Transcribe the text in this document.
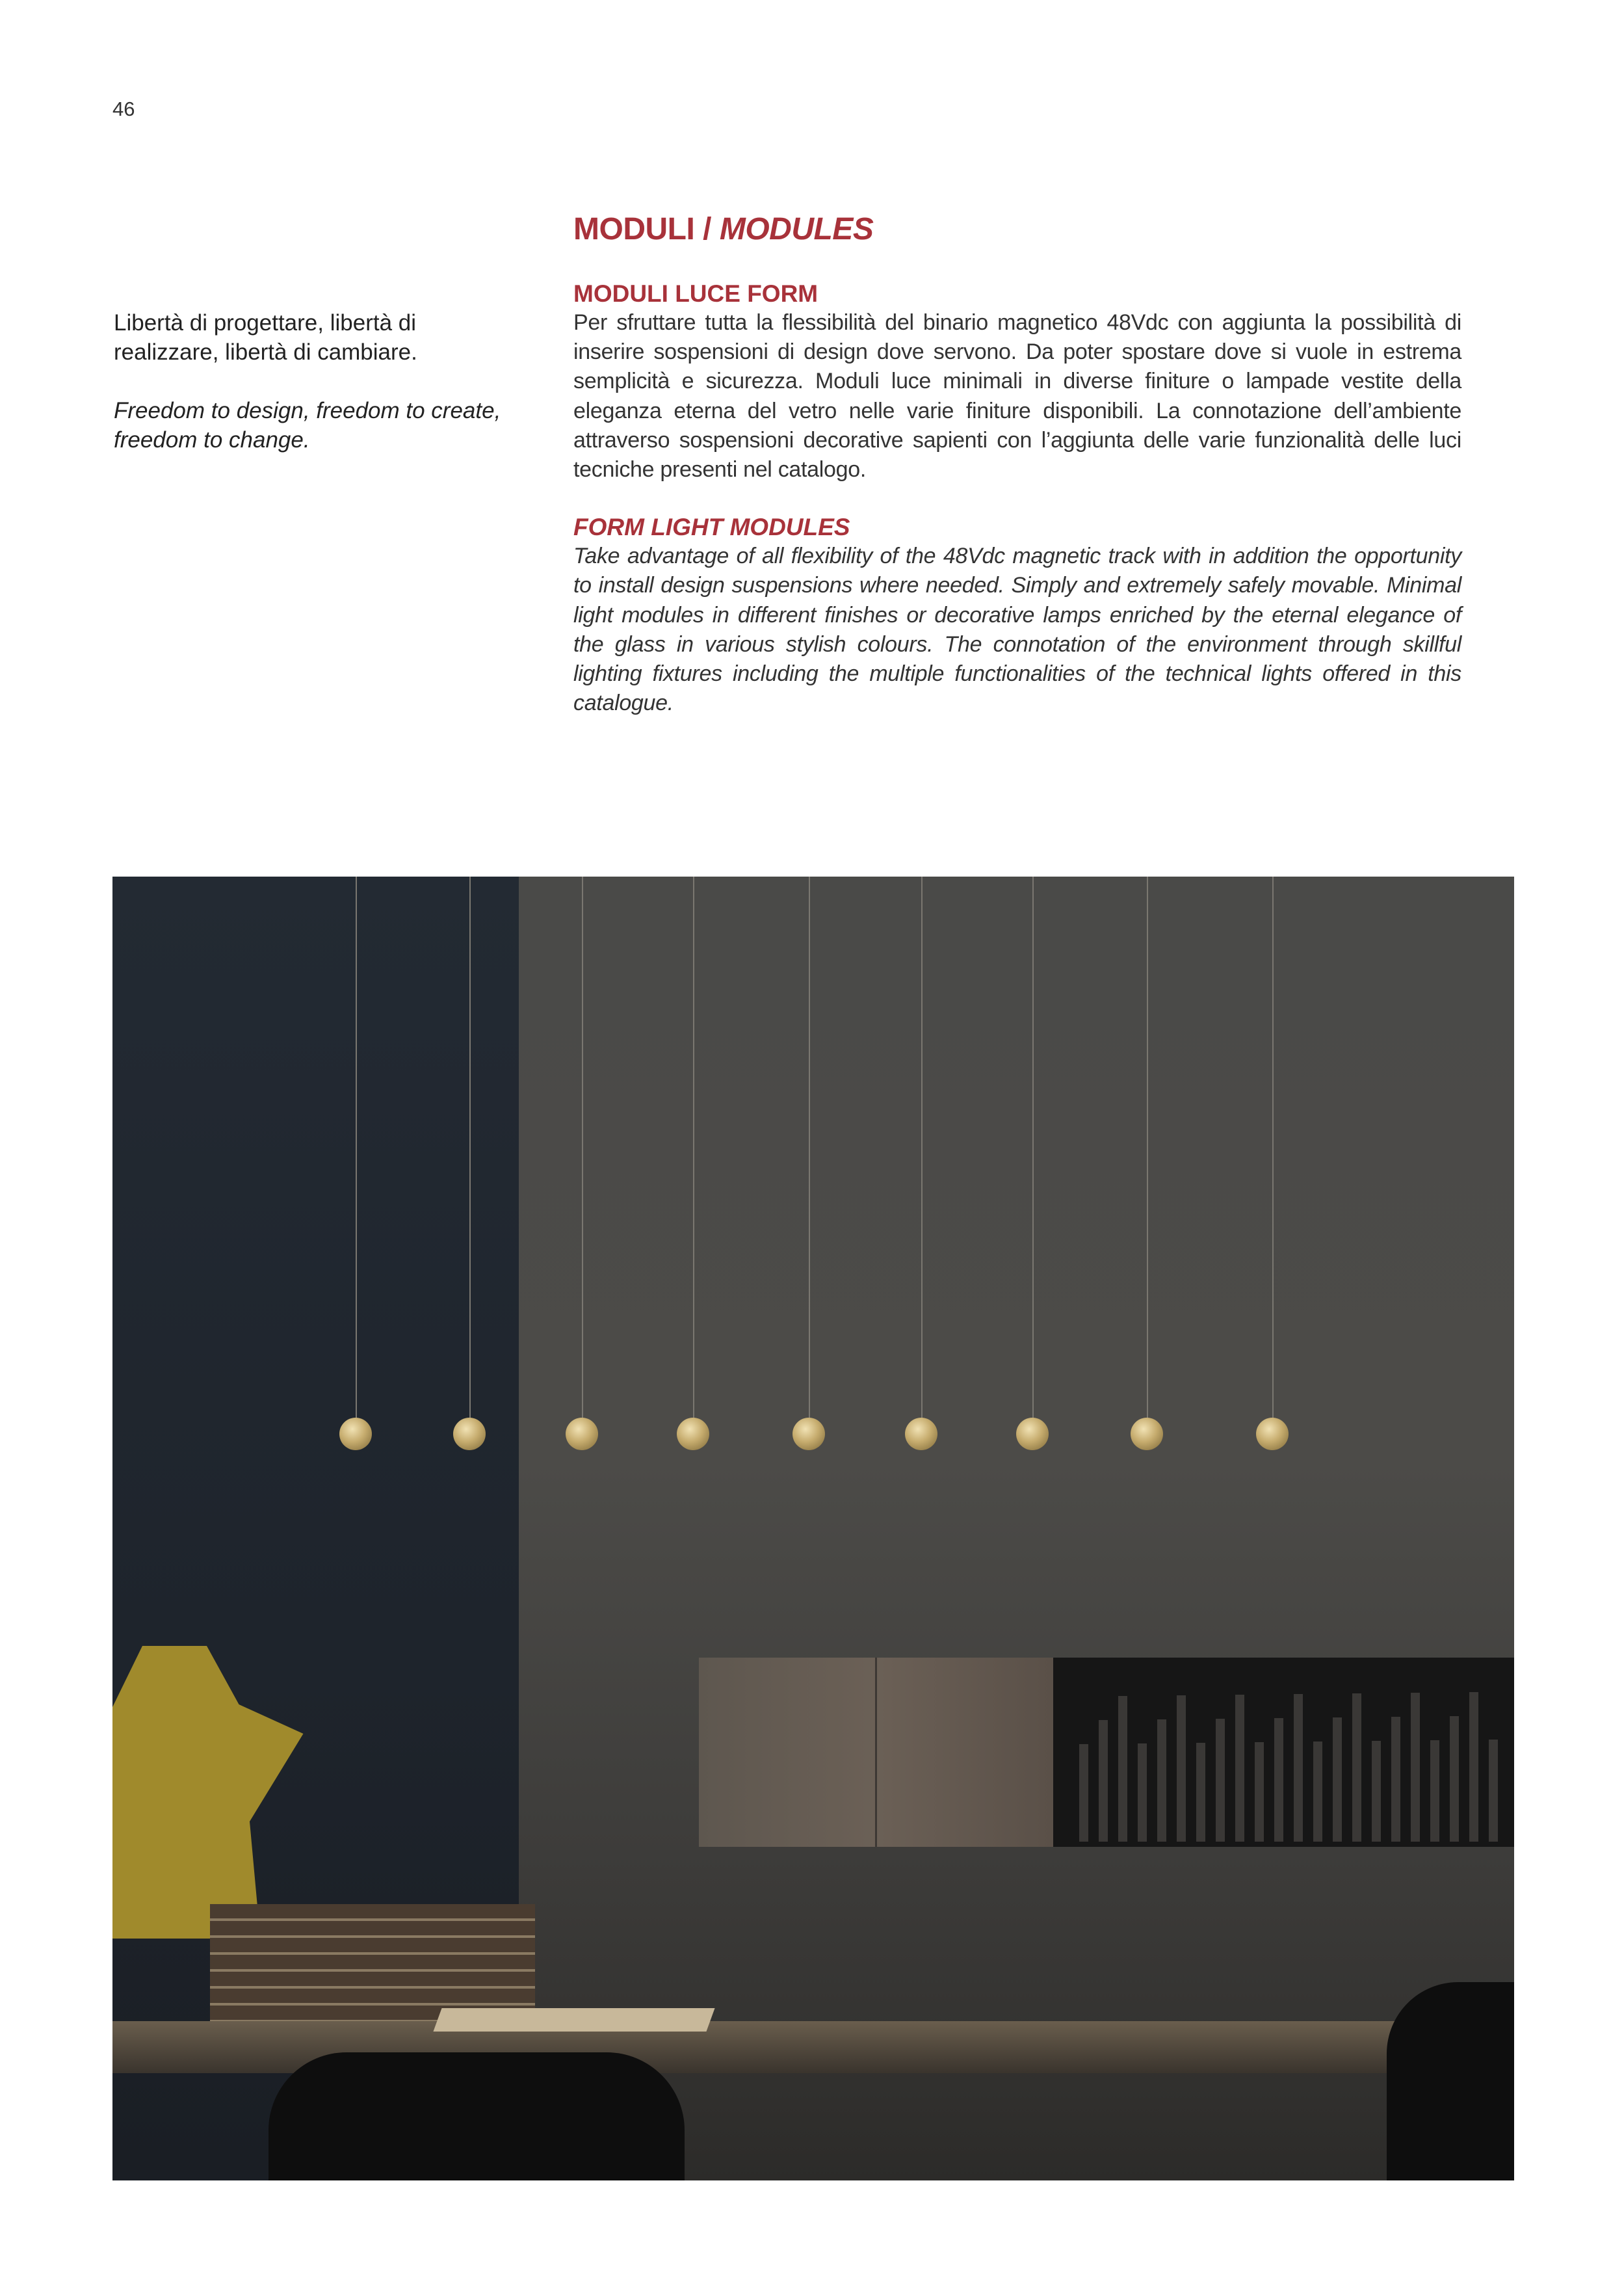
46

Libertà di progettare, libertà di realizzare, libertà di cambiare.

Freedom to design, freedom to create, freedom to change.

MODULI / MODULES
MODULI LUCE FORM

Per sfruttare tutta la flessibilità del binario magnetico 48Vdc con aggiunta la possibilità di inserire sospensioni di design dove servono. Da poter spostare dove si vuole in estrema semplicità e sicurezza. Moduli luce minimali in diverse finiture o lampade vestite della eleganza eterna del vetro nelle varie finiture disponibili. La connotazione dell’ambiente attraverso sospensioni decorative sapienti con l’aggiunta delle varie funzionalità delle luci tecniche presenti nel catalogo.

FORM LIGHT MODULES

Take advantage of all flexibility of the 48Vdc magnetic track with in addition the opportunity to install design suspensions where needed. Simply and extremely safely movable. Minimal light modules in different finishes or decorative lamps enriched by the eternal elegance of the glass in various stylish colours. The connotation of the environment through skillful lighting fixtures including the multiple functionalities of the technical lights offered in this catalogue.
